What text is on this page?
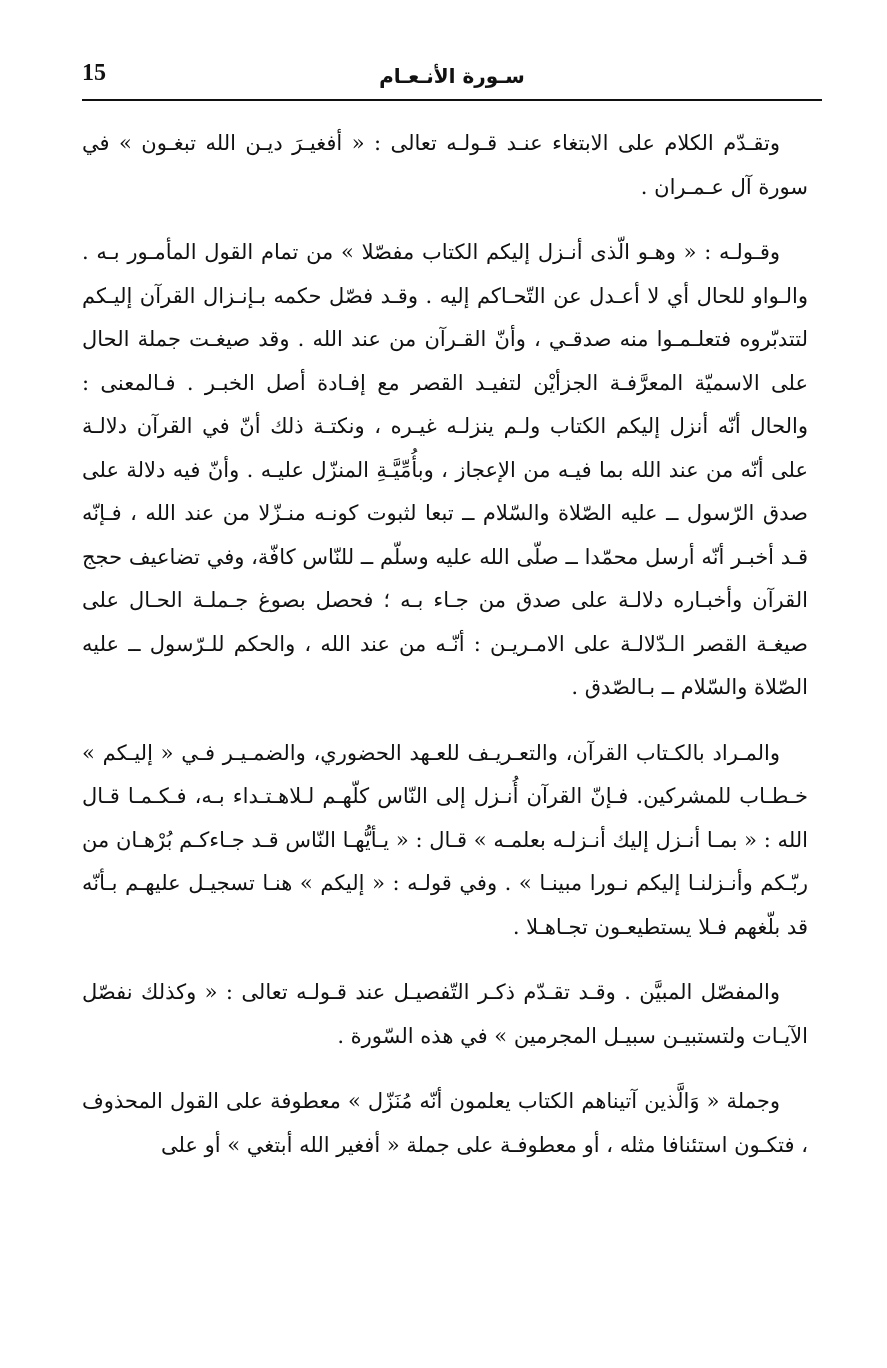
15	سـورة الأنـعـام

وتقـدّم الكلام على الابتغاء عنـد قـولـه تعالى : « أفغيـرَ ديـن الله تبغـون » في سورة آل عـمـران .

وقـولـه : « وهـو الّذى أنـزل إليكم الكتاب مفصّلا » من تمام القول المأمـور بـه . والـواو للحال أي لا أعـدل عن التّحـاكم إليه . وقـد فصّل حكمه بـإنـزال القرآن إليـكم لتتدبّروه فتعلـمـوا منه صدقـي ، وأنّ القـرآن من عند الله . وقد صيغـت جملة الحال على الاسميّة المعرَّفـة الجزأيْن لتفيـد القصر مع إفـادة أصل الخبـر . فـالمعنى : والحال أنّه أنزل إليكم الكتاب ولـم ينزلـه غيـره ، ونكتـة ذلك أنّ في القرآن دلالـة على أنّه من عند الله بما فيـه من الإعجاز ، وبأُمِّيَّـةِ المنزّل عليـه . وأنّ فيه دلالة على صدق الرّسول ــ عليه الصّلاة والسّلام ــ تبعا لثبوت كونـه منـزّلا من عند الله ، فـإنّه قـد أخبـر أنّه أرسل محمّدا ــ صلّى الله عليه وسلّم ــ للنّاس كافّة، وفي تضاعيف حجج القرآن وأخبـاره دلالـة على صدق من جـاء بـه ؛ فحصل بصوغ جـملـة الحـال على صيغـة القصر الـدّلالـة على الامـريـن : أنّـه من عند الله ، والحكم للـرّسول ــ عليه الصّلاة والسّلام ــ بـالصّدق .

والمـراد بالكـتاب القرآن، والتعـريـف للعـهد الحضوري، والضمـيـر فـي « إليـكم » خـطـاب للمشركين. فـإنّ القرآن أُنـزل إلى النّاس كلّهـم لـلاهـتـداء بـه، فـكـمـا قـال الله : « بمـا أنـزل إليك أنـزلـه بعلمـه » قـال : « يـأيُّهـا النّاس قـد جـاءكـم بُرْهـان من ربّـكم وأنـزلنـا إليكم نـورا مبينـا » . وفي قولـه : « إليكم » هنـا تسجيـل عليهـم بـأنّه قد بلّغهم فـلا يستطيعـون تجـاهـلا .

والمفصّل المبيَّن . وقـد تقـدّم ذكـر التّفصيـل عند قـولـه تعالى : « وكذلك نفصّل الآيـات ولتستبيـن سبيـل المجرمين » في هذه السّورة .

وجملة « وَالَّذين آتيناهم الكتاب يعلمون أنّه مُنَزّل » معطوفة على القول المحذوف ، فتكـون استئنافا مثله ، أو معطوفـة على جملة « أفغير الله أبتغي » أو على
